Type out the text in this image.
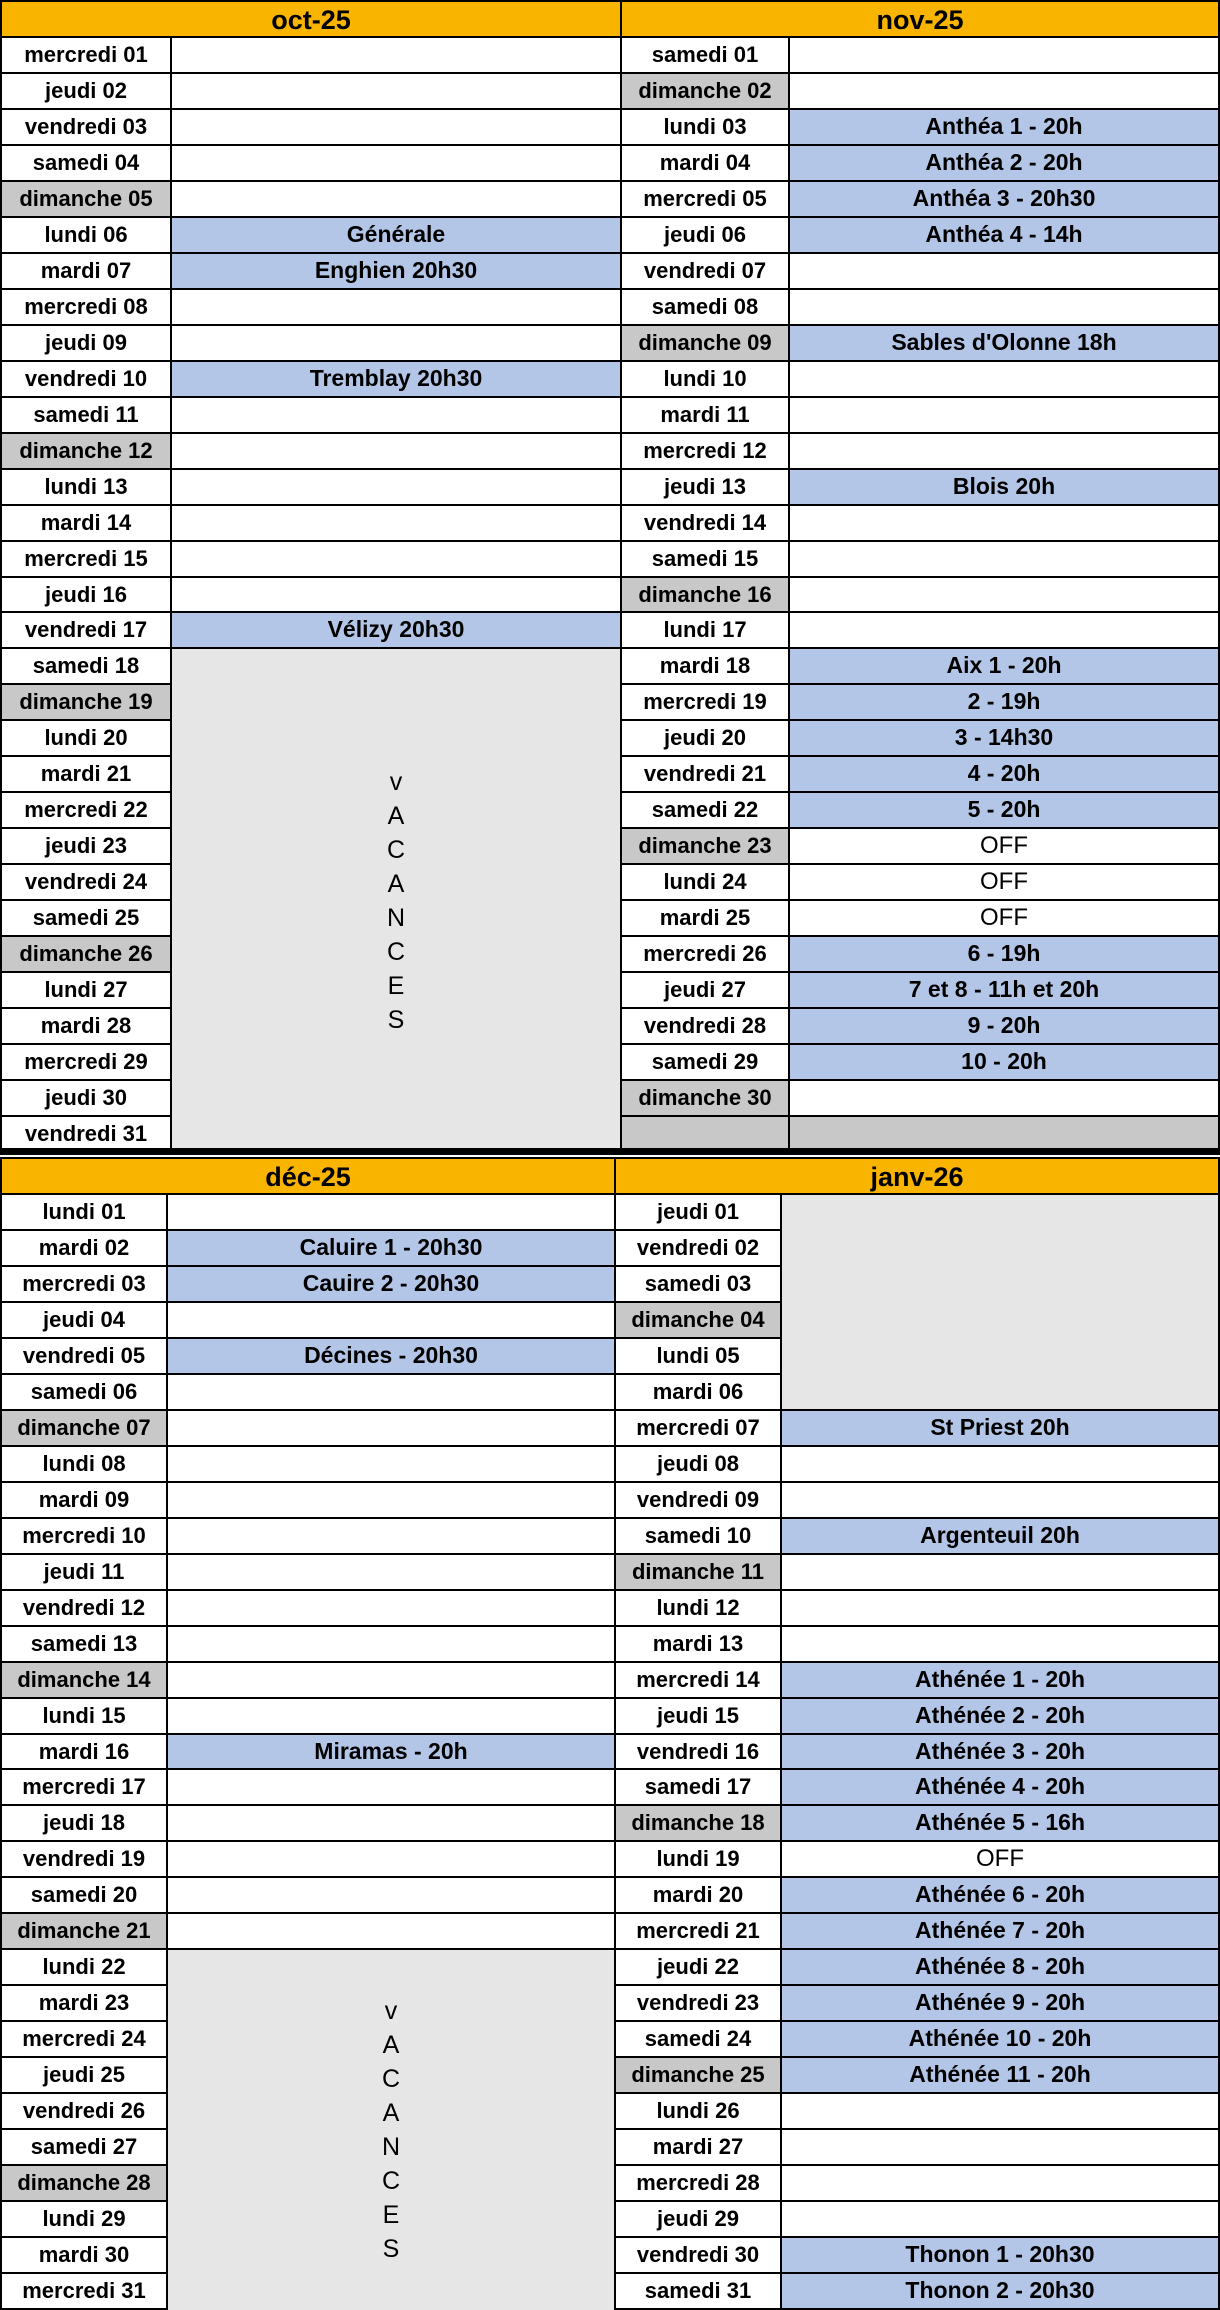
oct-25
mercredi 01
jeudi 02
vendredi 03
samedi 04
dimanche 05
lundi 06	Générale
mardi 07	Enghien 20h30
mercredi 08
jeudi 09
vendredi 10	Tremblay 20h30
samedi 11
dimanche 12
lundi 13
mardi 14
mercredi 15
jeudi 16
vendredi 17	Vélizy 20h30
samedi 18
dimanche 19
lundi 20
mardi 21
mercredi 22
jeudi 23
vendredi 24
samedi 25
dimanche 26
lundi 27
mardi 28
mercredi 29
jeudi 30
vendredi 31
v
A
C
A
N
C
E
S
nov-25
samedi 01
dimanche 02
lundi 03	Anthéa 1 - 20h
mardi 04	Anthéa 2 - 20h
mercredi 05	Anthéa 3 - 20h30
jeudi 06	Anthéa 4 - 14h
vendredi 07
samedi 08
dimanche 09	Sables d'Olonne 18h
lundi 10
mardi 11
mercredi 12
jeudi 13	Blois 20h
vendredi 14
samedi 15
dimanche 16
lundi 17
mardi 18	Aix 1 - 20h
mercredi 19	2 - 19h
jeudi 20	3 - 14h30
vendredi 21	4 - 20h
samedi 22	5 - 20h
dimanche 23	OFF
lundi 24	OFF
mardi 25	OFF
mercredi 26	6 - 19h
jeudi 27	7 et 8 - 11h et 20h
vendredi 28	9 - 20h
samedi 29	10 - 20h
dimanche 30
déc-25
lundi 01
mardi 02	Caluire 1 - 20h30
mercredi 03	Cauire 2 - 20h30
jeudi 04
vendredi 05	Décines - 20h30
samedi 06
dimanche 07
lundi 08
mardi 09
mercredi 10
jeudi 11
vendredi 12
samedi 13
dimanche 14
lundi 15
mardi 16	Miramas - 20h
mercredi 17
jeudi 18
vendredi 19
samedi 20
dimanche 21
lundi 22
mardi 23
mercredi 24
jeudi 25
vendredi 26
samedi 27
dimanche 28
lundi 29
mardi 30
mercredi 31
v
A
C
A
N
C
E
S
janv-26
jeudi 01
vendredi 02
samedi 03
dimanche 04
lundi 05
mardi 06
mercredi 07	St Priest 20h
jeudi 08
vendredi 09
samedi 10	Argenteuil 20h
dimanche 11
lundi 12
mardi 13
mercredi 14	Athénée 1 - 20h
jeudi 15	Athénée 2 - 20h
vendredi 16	Athénée 3 - 20h
samedi 17	Athénée 4 - 20h
dimanche 18	Athénée 5 - 16h
lundi 19	OFF
mardi 20	Athénée 6 - 20h
mercredi 21	Athénée 7 - 20h
jeudi 22	Athénée 8 - 20h
vendredi 23	Athénée 9 - 20h
samedi 24	Athénée 10 - 20h
dimanche 25	Athénée 11 - 20h
lundi 26
mardi 27
mercredi 28
jeudi 29
vendredi 30	Thonon 1 - 20h30
samedi 31	Thonon 2 - 20h30
